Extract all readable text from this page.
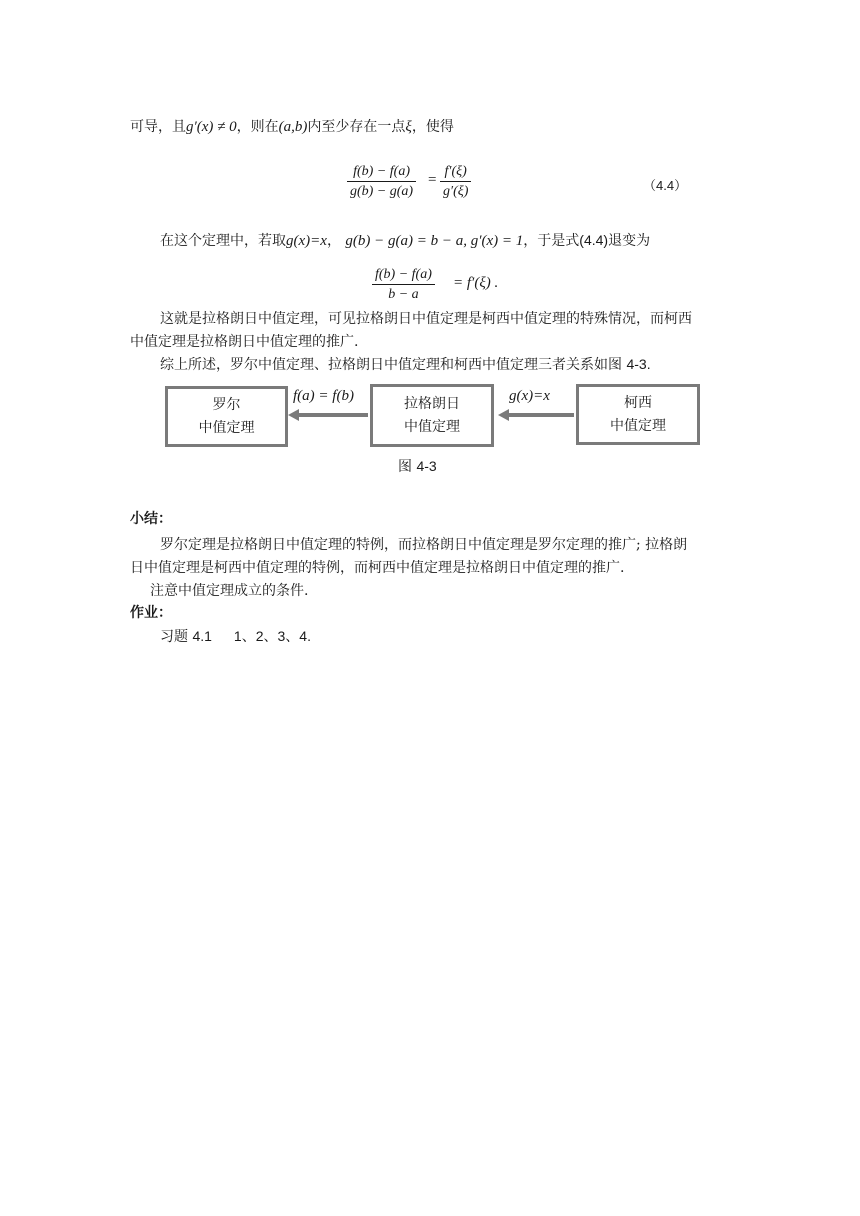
可导，且g′(x) ≠ 0，则在(a,b)内至少存在一点ξ，使得
f(b) − f(a)
g(b) − g(a)
=
f′(ξ)
g′(ξ)	（4.4）
在这个定理中，若取g(x)=x， g(b) − g(a) = b − a, g′(x) = 1，于是式(4.4)退变为
f(b) − f(a)
b − a
= f′(ξ) .
这就是拉格朗日中值定理，可见拉格朗日中值定理是柯西中值定理的特殊情况，而柯西
中值定理是拉格朗日中值定理的推广.
综上所述，罗尔中值定理、拉格朗日中值定理和柯西中值定理三者关系如图 4-3.
罗尔
中值定理
拉格朗日
中值定理
柯西
中值定理
f(a) = f(b)	g(x)=x
图 4-3
小结：
罗尔定理是拉格朗日中值定理的特例，而拉格朗日中值定理是罗尔定理的推广; 拉格朗
日中值定理是柯西中值定理的特例，而柯西中值定理是拉格朗日中值定理的推广.
注意中值定理成立的条件.
作业：
习题 4.1 1、2、3、4.
